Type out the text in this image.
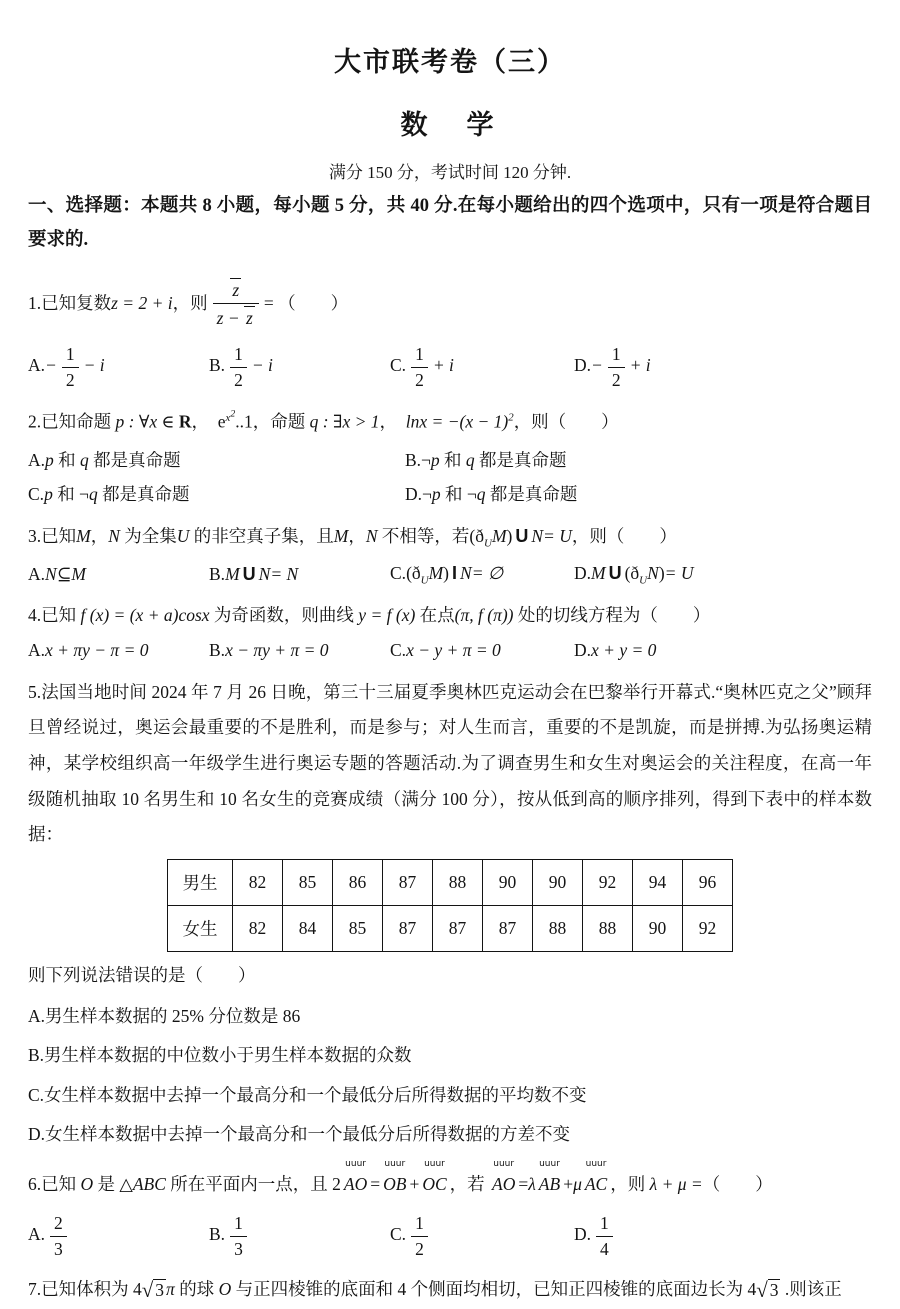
大市联考卷（三）
数　学
满分 150 分，考试时间 120 分钟.
一、选择题：本题共 8 小题，每小题 5 分，共 40 分.在每小题给出的四个选项中，只有一项是符合题目要求的.
1.已知复数 z = 2 + i ，则 $\frac{z}{z - z}$ = （　　）
$A.- \frac{1}{2} - i$	B. $\frac{1}{2} - i$	C. $\frac{1}{2} + i$	$D.- \frac{1}{2} + i$
2.已知命题 p : ∀x ∈ R，　$e^{x^2}..1$，命题 q : ∃x > 1，　$\ln x = -(x - 1)^2$，则（　　）
A.p 和 q 都是真命题	B.¬p 和 q 都是真命题
C.p 和 ¬q 都是真命题	D.¬p 和 ¬q 都是真命题
3.已知M，N 为全集U 的非空真子集，且M，N 不相等，若$(ð_UM)$ U N= U，则（　　）
A.N⊆M	B.M U N= N	$C.(ð_UM)$ I N= ∅	D.M U $(ð_UN)= U$
4.已知 f (x) = (x + a)cosx 为奇函数，则曲线 y = f (x) 在点(π, f (π)) 处的切线方程为（　　）
A.x + πy − π = 0	B.x − πy + π = 0	C.x − y + π = 0	D.x + y = 0

5.法国当地时间 2024 年 7 月 26 日晚，第三十三届夏季奥林匹克运动会在巴黎举行开幕式.“奥林匹克之父”顾拜旦曾经说过，奥运会最重要的不是胜利，而是参与；对人生而言，重要的不是凯旋，而是拼搏.为弘扬奥运精神，某学校组织高一年级学生进行奥运专题的答题活动.为了调查男生和女生对奥运会的关注程度，在高一年级随机抽取 10 名男生和 10 名女生的竞赛成绩（满分 100 分），按从低到高的顺序排列，得到下表中的样本数据：

男生	82	85	86	87	88	90	90	92	94	96
女生	82	84	85	87	87	87	88	88	90	92
则下列说法错误的是（　　）
A.男生样本数据的 25% 分位数是 86
B.男生样本数据的中位数小于男生样本数据的众数
C.女生样本数据中去掉一个最高分和一个最低分后所得数据的平均数不变
D.女生样本数据中去掉一个最高分和一个最低分后所得数据的方差不变
6.已知 O 是 △ABC 所在平面内一点，且 2
uuur
AO =
uuur
OB +
uuur
OC ，若
uuur
AO =λ
uuur
AB +μ
uuur
AC ，则 λ + μ =（　　）
A. $\frac{2}{3}$	B. $\frac{1}{3}$	C. $\frac{1}{2}$	D. $\frac{1}{4}$
7.已知体积为 4 √ 3 π 的球 O 与正四棱锥的底面和 4 个侧面均相切，已知正四棱锥的底面边长为 4 √ 3 .则该正
